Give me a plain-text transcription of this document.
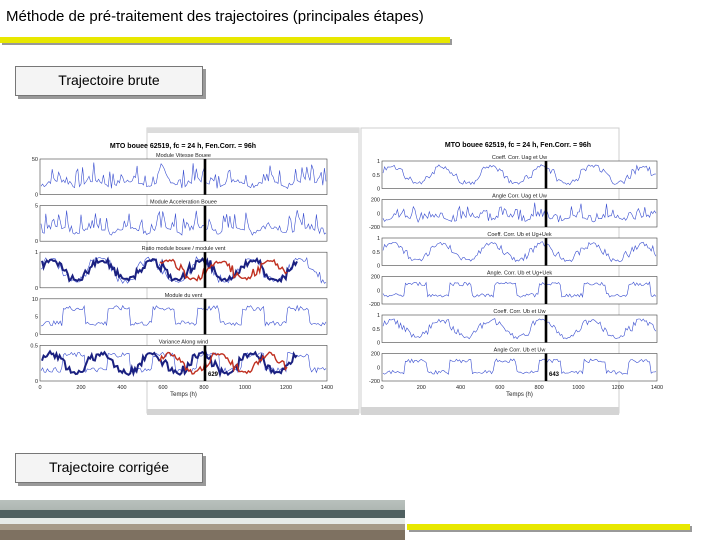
Méthode de pré-traitement des trajectoires (principales étapes)
Trajectoire brute
MTO bouee 62519, fc = 24 h, Fen.Corr. = 96h
Module Vitesse Bouee
50
0
Module Acceleration Bouee
5
0
Ratio module bouee / module vent
1
0
Module du vent
10
5
0
Variance Along wind
0.5
0
0	200	400	600	800	1000	1200	1400
Temps (h)
629
MTO bouee 62519, fc = 24 h, Fen.Corr. = 96h
Coeff. Corr. Uag et Uw
1
0.5
0
Angle Corr. Uag et Uw
200
0
-200
Coeff. Corr. Ub et Ug+Uek
1
0.5
0
Angle. Corr. Ub et Ug+Uek
200
0
-200
Coeff. Corr. Ub et Uw
1
0.5
0
Angle Corr. Ub et Uw
200
0
-200
0	200	400	600	800	1000	1200	1400
Temps (h)
643
Trajectoire corrigée
